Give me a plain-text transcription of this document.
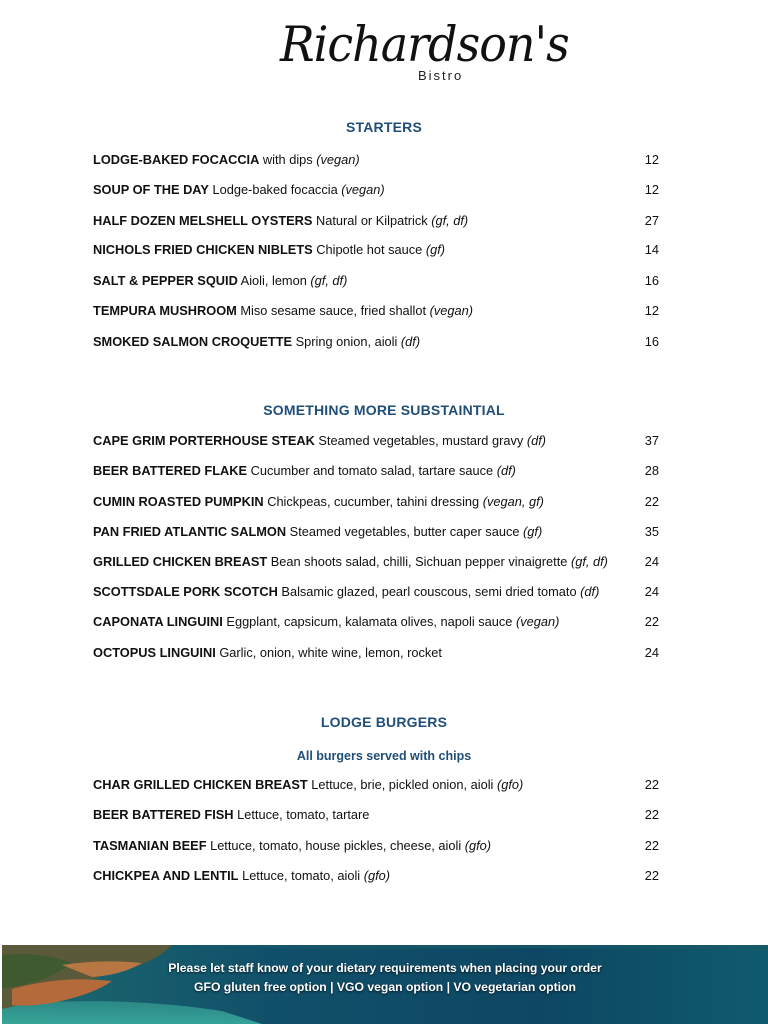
Richardson's
Bistro
STARTERS
LODGE-BAKED FOCACCIA with dips (vegan)	12
SOUP OF THE DAY Lodge-baked focaccia (vegan)	12
HALF DOZEN MELSHELL OYSTERS Natural or Kilpatrick (gf, df)	27
NICHOLS FRIED CHICKEN NIBLETS Chipotle hot sauce (gf)	14
SALT & PEPPER SQUID Aioli, lemon (gf, df)	16
TEMPURA MUSHROOM Miso sesame sauce, fried shallot (vegan)	12
SMOKED SALMON CROQUETTE Spring onion, aioli (df)	16
SOMETHING MORE SUBSTAINTIAL
CAPE GRIM PORTERHOUSE STEAK Steamed vegetables, mustard gravy (df)	37
BEER BATTERED FLAKE Cucumber and tomato salad, tartare sauce (df)	28
CUMIN ROASTED PUMPKIN Chickpeas, cucumber, tahini dressing (vegan, gf)	22
PAN FRIED ATLANTIC SALMON Steamed vegetables, butter caper sauce (gf)	35
GRILLED CHICKEN BREAST Bean shoots salad, chilli, Sichuan pepper vinaigrette (gf, df)	24
SCOTTSDALE PORK SCOTCH Balsamic glazed, pearl couscous, semi dried tomato (df)	24
CAPONATA LINGUINI Eggplant, capsicum, kalamata olives, napoli sauce (vegan)	22
OCTOPUS LINGUINI Garlic, onion, white wine, lemon, rocket	24
LODGE BURGERS
All burgers served with chips
CHAR GRILLED CHICKEN BREAST Lettuce, brie, pickled onion, aioli (gfo)	22
BEER BATTERED FISH Lettuce, tomato, tartare	22
TASMANIAN BEEF Lettuce, tomato, house pickles, cheese, aioli (gfo)	22
CHICKPEA AND LENTIL Lettuce, tomato, aioli (gfo)	22
Please let staff know of your dietary requirements when placing your order
GFO gluten free option | VGO vegan option | VO vegetarian option
